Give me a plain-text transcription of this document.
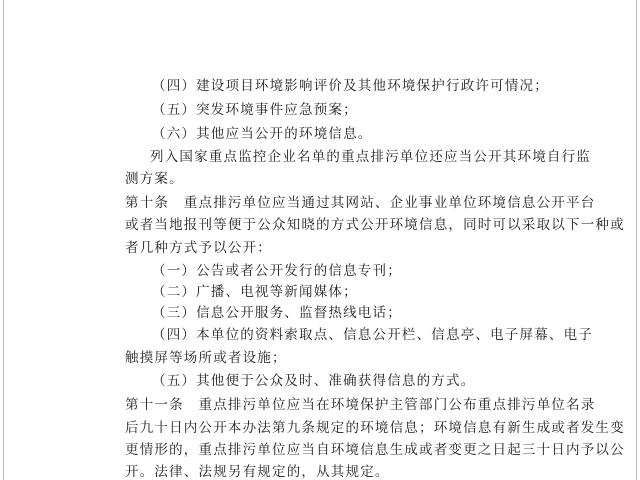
（四）建设项目环境影响评价及其他环境保护行政许可情况；
（五）突发环境事件应急预案；
（六）其他应当公开的环境信息。
列入国家重点监控企业名单的重点排污单位还应当公开其环境自行监
测方案。
第十条　重点排污单位应当通过其网站、企业事业单位环境信息公开平台
或者当地报刊等便于公众知晓的方式公开环境信息，同时可以采取以下一种或
者几种方式予以公开：
（一）公告或者公开发行的信息专刊；
（二）广播、电视等新闻媒体；
（三）信息公开服务、监督热线电话；
（四）本单位的资料索取点、信息公开栏、信息亭、电子屏幕、电子
触摸屏等场所或者设施；
（五）其他便于公众及时、准确获得信息的方式。
第十一条　重点排污单位应当在环境保护主管部门公布重点排污单位名录
后九十日内公开本办法第九条规定的环境信息；环境信息有新生成或者发生变
更情形的，重点排污单位应当自环境信息生成或者变更之日起三十日内予以公
开。法律、法规另有规定的，从其规定。
